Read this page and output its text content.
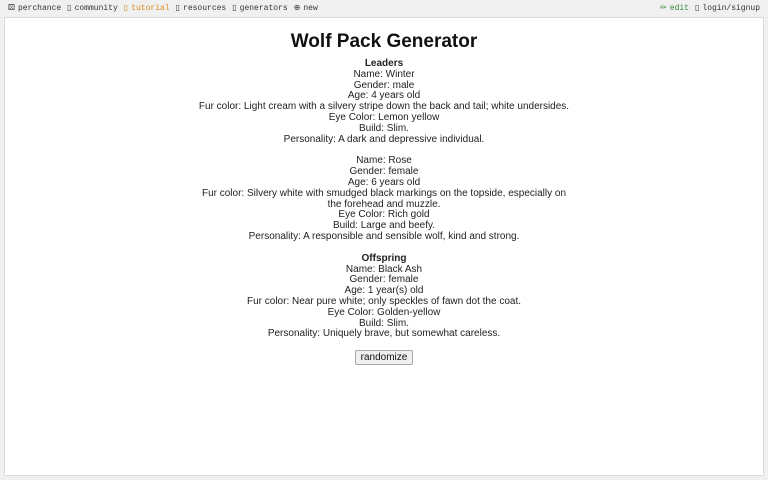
⚄ perchance ▯ community ▯ tutorial ▯ resources ▯ generators ⊕ new	✏ edit ▯ login/signup
Wolf Pack Generator
Leaders
Name: Winter
Gender: male
Age: 4 years old
Fur color: Light cream with a silvery stripe down the back and tail; white undersides.
Eye Color: Lemon yellow
Build: Slim.
Personality: A dark and depressive individual.
Name: Rose
Gender: female
Age: 6 years old
Fur color: Silvery white with smudged black markings on the topside, especially on the forehead and muzzle.
Eye Color: Rich gold
Build: Large and beefy.
Personality: A responsible and sensible wolf, kind and strong.
Offspring
Name: Black Ash
Gender: female
Age: 1 year(s) old
Fur color: Near pure white; only speckles of fawn dot the coat.
Eye Color: Golden-yellow
Build: Slim.
Personality: Uniquely brave, but somewhat careless.
randomize
